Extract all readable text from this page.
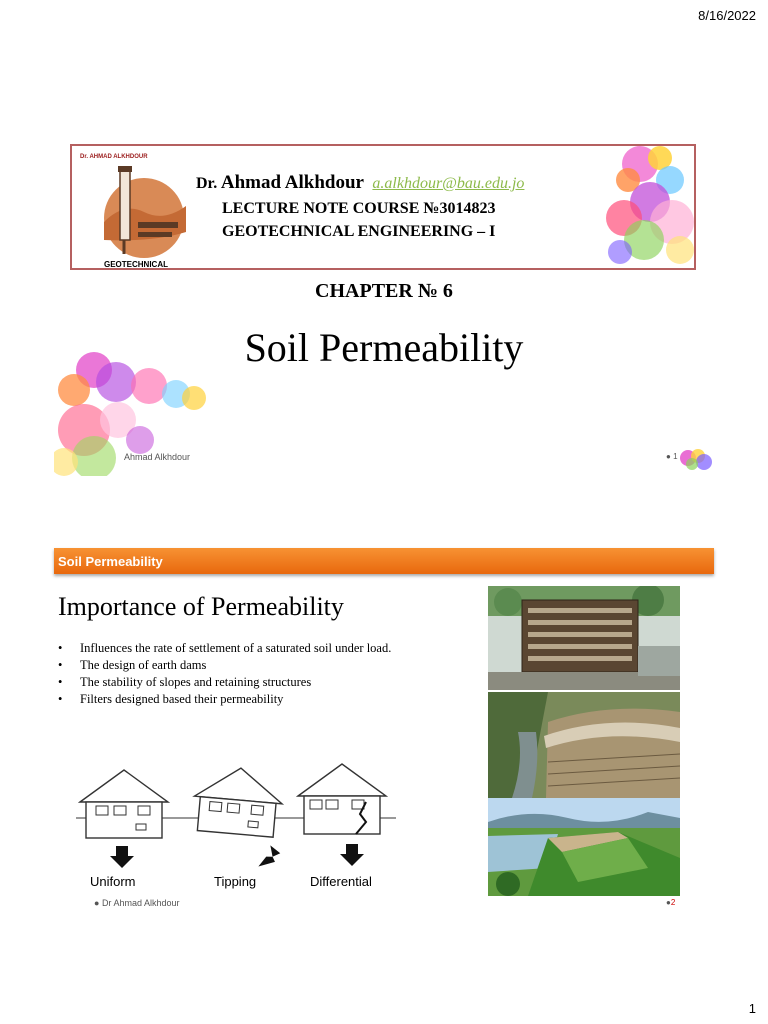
8/16/2022
Dr. AHMAD ALKHDOUR
GEOTECHNICAL
Dr. Ahmad Alkhdour a.alkhdour@bau.edu.jo
LECTURE NOTE COURSE №3014823
GEOTECHNICAL ENGINEERING – I
CHAPTER № 6
Soil Permeability
Ahmad Alkhdour	● 1
Soil Permeability
Importance of Permeability
• Influences the rate of settlement of a saturated soil under load.
• The design of earth dams
• The stability of slopes and retaining structures
• Filters designed based their permeability
Uniform	Tipping	Differential
● Dr Ahmad Alkhdour	●2
1
